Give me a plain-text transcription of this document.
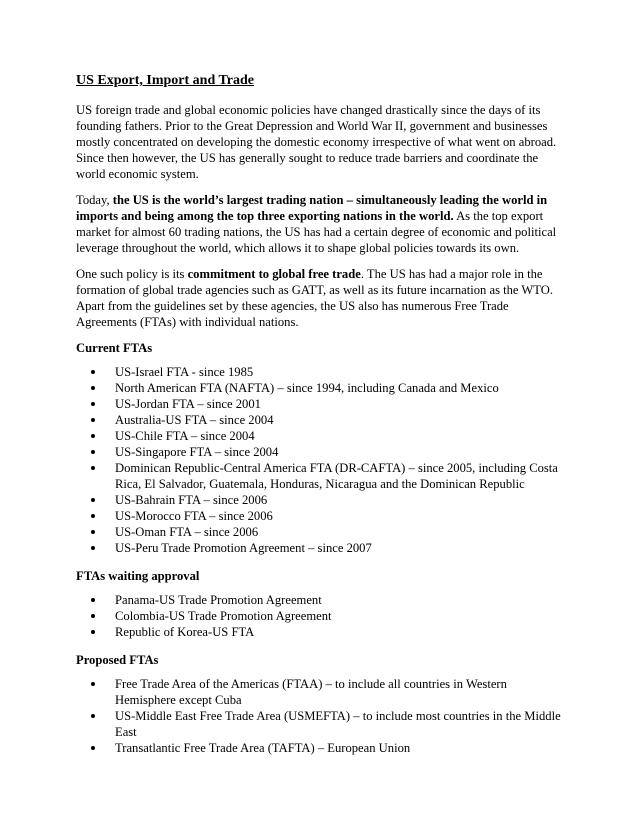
US Export, Import and Trade

US foreign trade and global economic policies have changed drastically since the days of its founding fathers. Prior to the Great Depression and World War II, government and businesses mostly concentrated on developing the domestic economy irrespective of what went on abroad. Since then however, the US has generally sought to reduce trade barriers and coordinate the world economic system.

Today, the US is the world’s largest trading nation – simultaneously leading the world in imports and being among the top three exporting nations in the world. As the top export market for almost 60 trading nations, the US has had a certain degree of economic and political leverage throughout the world, which allows it to shape global policies towards its own.

One such policy is its commitment to global free trade. The US has had a major role in the formation of global trade agencies such as GATT, as well as its future incarnation as the WTO. Apart from the guidelines set by these agencies, the US also has numerous Free Trade Agreements (FTAs) with individual nations.

Current FTAs
US-Israel FTA - since 1985
North American FTA (NAFTA) – since 1994, including Canada and Mexico
US-Jordan FTA – since 2001
Australia-US FTA – since 2004
US-Chile FTA – since 2004
US-Singapore FTA – since 2004
Dominican Republic-Central America FTA (DR-CAFTA) – since 2005, including Costa Rica, El Salvador, Guatemala, Honduras, Nicaragua and the Dominican Republic
US-Bahrain FTA – since 2006
US-Morocco FTA – since 2006
US-Oman FTA – since 2006
US-Peru Trade Promotion Agreement – since 2007
FTAs waiting approval
Panama-US Trade Promotion Agreement
Colombia-US Trade Promotion Agreement
Republic of Korea-US FTA
Proposed FTAs
Free Trade Area of the Americas (FTAA) – to include all countries in Western Hemisphere except Cuba
US-Middle East Free Trade Area (USMEFTA) – to include most countries in the Middle East
Transatlantic Free Trade Area (TAFTA) – European Union
